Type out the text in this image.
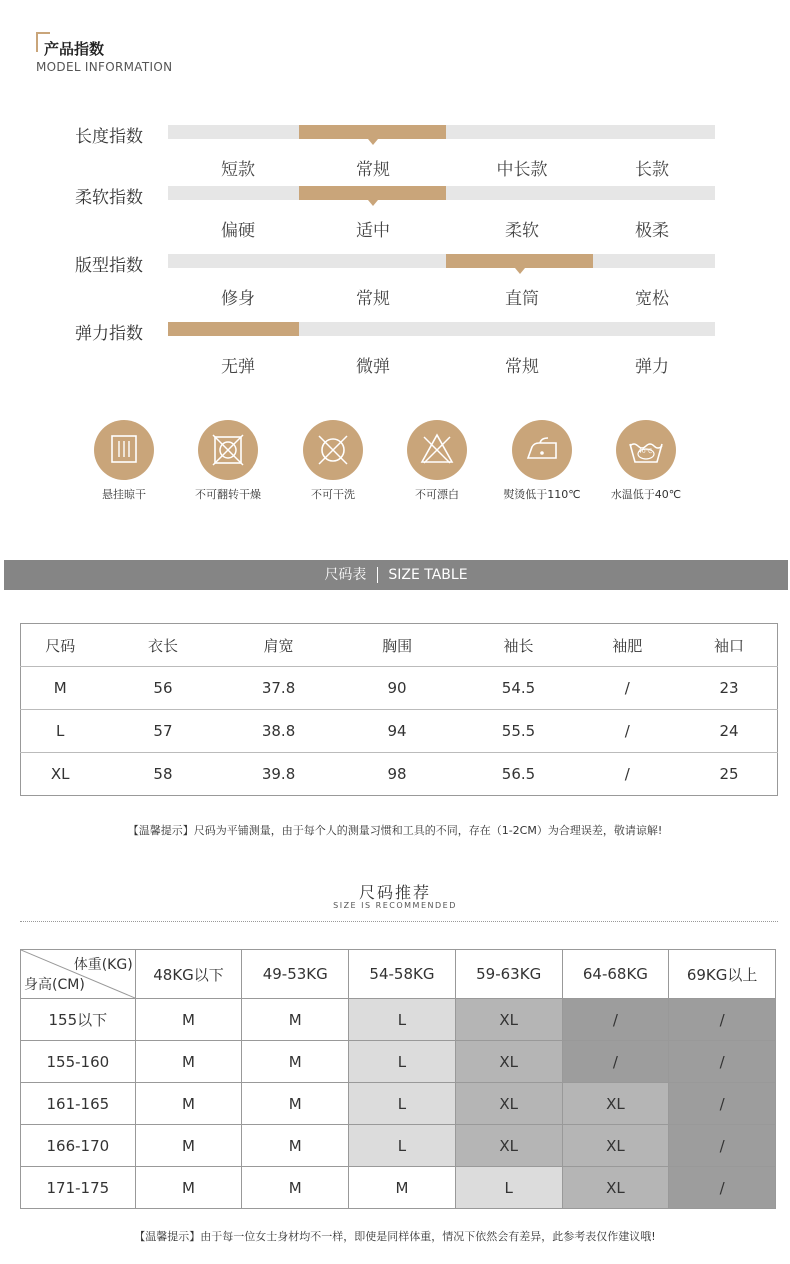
产品指数
MODEL INFORMATION
长度指数
短款	常规	中长款	长款
柔软指数
偏硬	适中	柔软	极柔
版型指数
修身	常规	直筒	宽松
弹力指数
无弹	微弹	常规	弹力
悬挂晾干	不可翻转干燥	不可干洗	不可漂白	熨烫低于110℃
40℃
水温低于40℃
尺码表 SIZE TABLE
尺码	衣长	肩宽	胸围	袖长	袖肥	袖口
M	56	37.8	90	54.5	/	23
L	57	38.8	94	55.5	/	24
XL	58	39.8	98	56.5	/	25
【温馨提示】尺码为平铺测量，由于每个人的测量习惯和工具的不同，存在（1-2CM）为合理误差，敬请谅解!
尺码推荐
SIZE IS RECOMMENDED
体重(KG)
身高(CM)	48KG以下	49-53KG	54-58KG	59-63KG	64-68KG	69KG以上
155以下	M	M	L	XL	/	/
155-160	M	M	L	XL	/	/
161-165	M	M	L	XL	XL	/
166-170	M	M	L	XL	XL	/
171-175	M	M	M	L	XL	/
【温馨提示】由于每一位女士身材均不一样，即使是同样体重，情况下依然会有差异，此参考表仅作建议哦!
